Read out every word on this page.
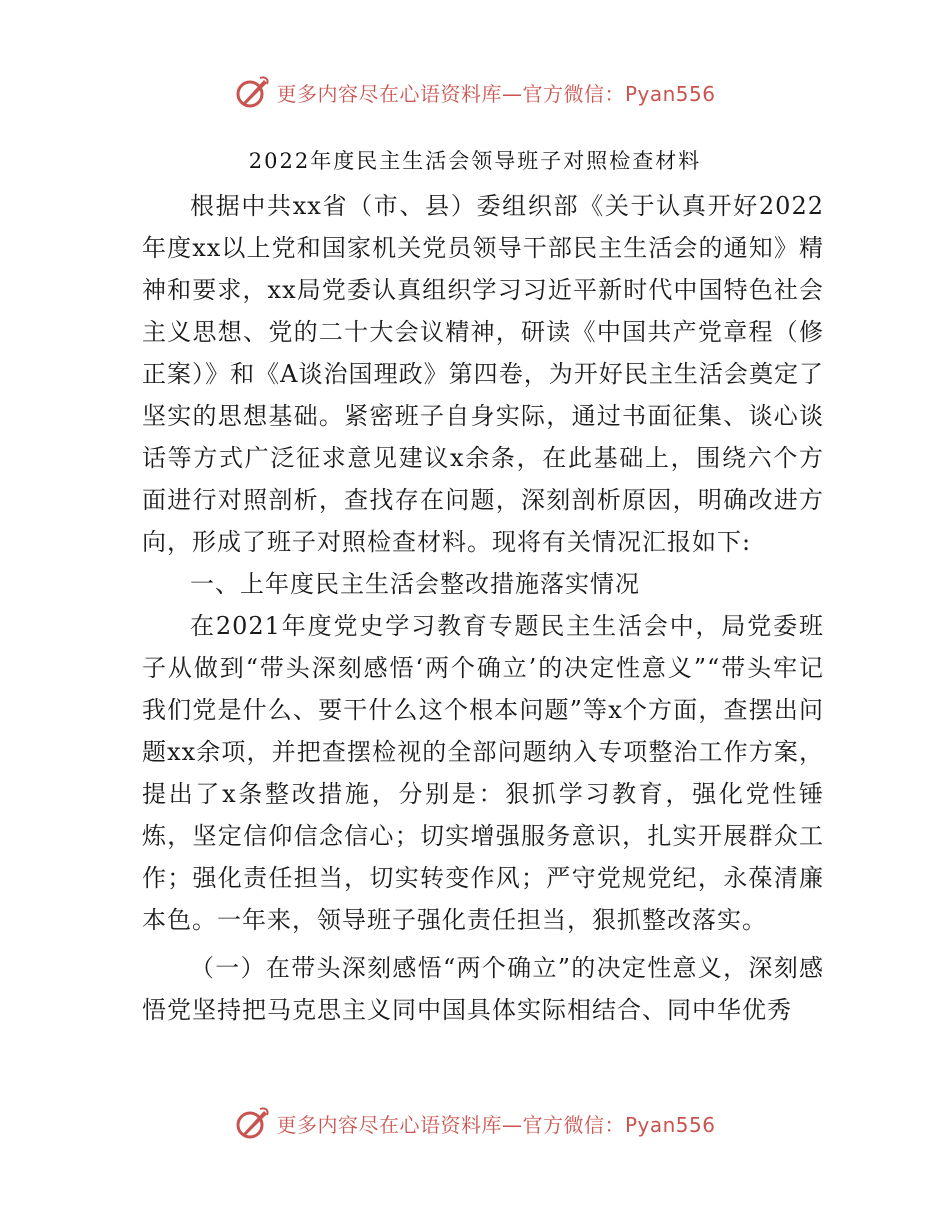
更多内容尽在心语资料库—官方微信：Pyan556
2022年度民主生活会领导班子对照检查材料

根据中共xx省（市、县）委组织部《关于认真开好2022年度xx以上党和国家机关党员领导干部民主生活会的通知》精神和要求，xx局党委认真组织学习习近平新时代中国特色社会主义思想、党的二十大会议精神，研读《中国共产党章程（修正案）》和《A谈治国理政》第四卷，为开好民主生活会奠定了坚实的思想基础。紧密班子自身实际，通过书面征集、谈心谈话等方式广泛征求意见建议x余条，在此基础上，围绕六个方面进行对照剖析，查找存在问题，深刻剖析原因，明确改进方向，形成了班子对照检查材料。现将有关情况汇报如下:

一、上年度民主生活会整改措施落实情况

在2021年度党史学习教育专题民主生活会中，局党委班子从做到“带头深刻感悟‘两个确立’的决定性意义”“带头牢记我们党是什么、要干什么这个根本问题”等x个方面，查摆出问题xx余项，并把查摆检视的全部问题纳入专项整治工作方案，提出了x条整改措施，分别是：狠抓学习教育，强化党性锤炼，坚定信仰信念信心；切实增强服务意识，扎实开展群众工作；强化责任担当，切实转变作风；严守党规党纪，永葆清廉本色。一年来，领导班子强化责任担当，狠抓整改落实。

（一）在带头深刻感悟“两个确立”的决定性意义，深刻感悟党坚持把马克思主义同中国具体实际相结合、同中华优秀

更多内容尽在心语资料库—官方微信：Pyan556
